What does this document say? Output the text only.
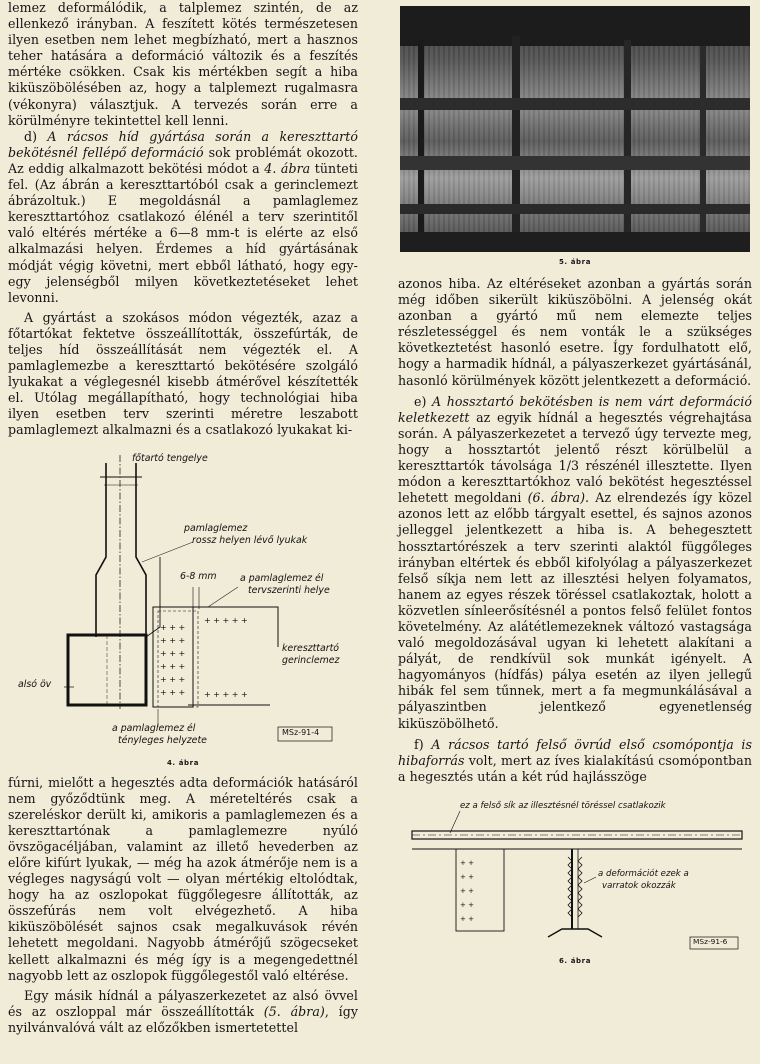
lemez deformálódik, a talplemez szintén, de az ellenkező irányban. A feszített kötés természetesen ilyen esetben nem lehet megbízható, mert a hasznos teher hatására a deformáció változik és a feszítés mértéke csökken. Csak kis mértékben segít a hiba kiküszöbölésében az, hogy a talplemezt rugalmasra (vékonyra) választjuk. A tervezés során erre a körülményre tekintettel kell lenni.

d) A rácsos híd gyártása során a kereszttartó bekötésnél fellépő deformáció sok problémát okozott. Az eddig alkalmazott bekötési módot a 4. ábra tünteti fel. (Az ábrán a kereszttartóból csak a gerinclemezt ábrázoltuk.) E megoldásnál a pamlaglemez kereszttartóhoz csatlakozó élénél a terv szerintitől való eltérés mértéke a 6—8 mm-t is elérte az első alkalmazási helyen. Érdemes a híd gyártásának módját végig követni, mert ebből látható, hogy egy-egy jelenségből milyen következtetéseket lehet levonni.

A gyártást a szokásos módon végezték, azaz a főtartókat fektetve összeállították, összefúrták, de teljes híd összeállítását nem végezték el. A pamlaglemezbe a kereszttartó bekötésére szolgáló lyukakat a véglegesnél kisebb átmérővel készítették el. Utólag megállapítható, hogy technológiai hiba ilyen esetben terv szerinti méretre leszabott pamlaglemezt alkalmazni és a csatlakozó lyukakat ki-

+ + +
+ + +
+ + +
+ + +
+ + +
+ + +
+ + + + +
+ + + + +
főtartó tengelye
pamlaglemez
rossz helyen lévő lyukak
6-8 mm a pamlaglemez él
tervszerinti helye
kereszttartó
gerinclemez
alsó öv
a pamlaglemez él
tényleges helyzete
MSz-91-4
4. ábra

fúrni, mielőtt a hegesztés adta deformációk hatásáról nem győződtünk meg. A méreteltérés csak a szereléskor derült ki, amikoris a pamlaglemezen és a kereszttartónak a pamlaglemezre nyúló övszögacéljában, valamint az illető hevederben az előre kifúrt lyukak, — még ha azok átmérője nem is a végleges nagyságú volt — olyan mértékig eltolódtak, hogy ha az oszlopokat függőlegesre állították, az összefúrás nem volt elvégezhető. A hiba kiküszöbölését sajnos csak megalkuvások révén lehetett megoldani. Nagyobb átmérőjű szögecseket kellett alkalmazni és még így is a megengedettnél nagyobb lett az oszlopok függőlegestől való eltérése.

Egy másik hídnál a pályaszerkezetet az alsó övvel és az oszloppal már összeállították (5. ábra), így nyilvánvalóvá vált az előzőkben ismertetettel

5. ábra

azonos hiba. Az eltéréseket azonban a gyártás során még időben sikerült kiküszöbölni. A jelenség okát azonban a gyártó mű nem elemezte teljes részletességgel és nem vonták le a szükséges következtetést hasonló esetre. Így fordulhatott elő, hogy a harmadik hídnál, a pályaszerkezet gyártásánál, hasonló körülmények között jelentkezett a deformáció.

e) A hossztartó bekötésben is nem várt deformáció keletkezett az egyik hídnál a hegesztés végrehajtása során. A pályaszerkezetet a tervező úgy tervezte meg, hogy a hossztartót jelentő részt körülbelül a kereszttartók távolsága 1/3 részénél illesztette. Ilyen módon a kereszttartókhoz való bekötést hegesztéssel lehetett megoldani (6. ábra). Az elrendezés így közel azonos lett az előbb tárgyalt esettel, és sajnos azonos jelleggel jelentkezett a hiba is. A behegesztett hossztartórészek a terv szerinti alaktól függőleges irányban eltértek és ebből kifolyólag a pályaszerkezet felső síkja nem lett az illesztési helyen folyamatos, hanem az egyes részek töréssel csatlakoztak, holott a közvetlen sínleerősítésnél a pontos felső felület fontos követelmény. Az alátétlemezeknek változó vastagsága való megoldozásával ugyan ki lehetett alakítani a pályát, de rendkívül sok munkát igényelt. A hagyományos (hídfás) pálya esetén az ilyen jellegű hibák fel sem tűnnek, mert a fa megmunkálásával a pályaszintben jelentkező egyenetlenség kiküszöbölhető.

f) A rácsos tartó felső övrúd első csomópontja is hibaforrás volt, mert az íves kialakítású csomópontban a hegesztés után a két rúd hajlásszöge

+ +
+ +
+ +
+ +
+ +
ez a felső sík az illesztésnél töréssel csatlakozik
a deformációt ezek a
varratok okozzák
MSz-91-6
6. ábra
